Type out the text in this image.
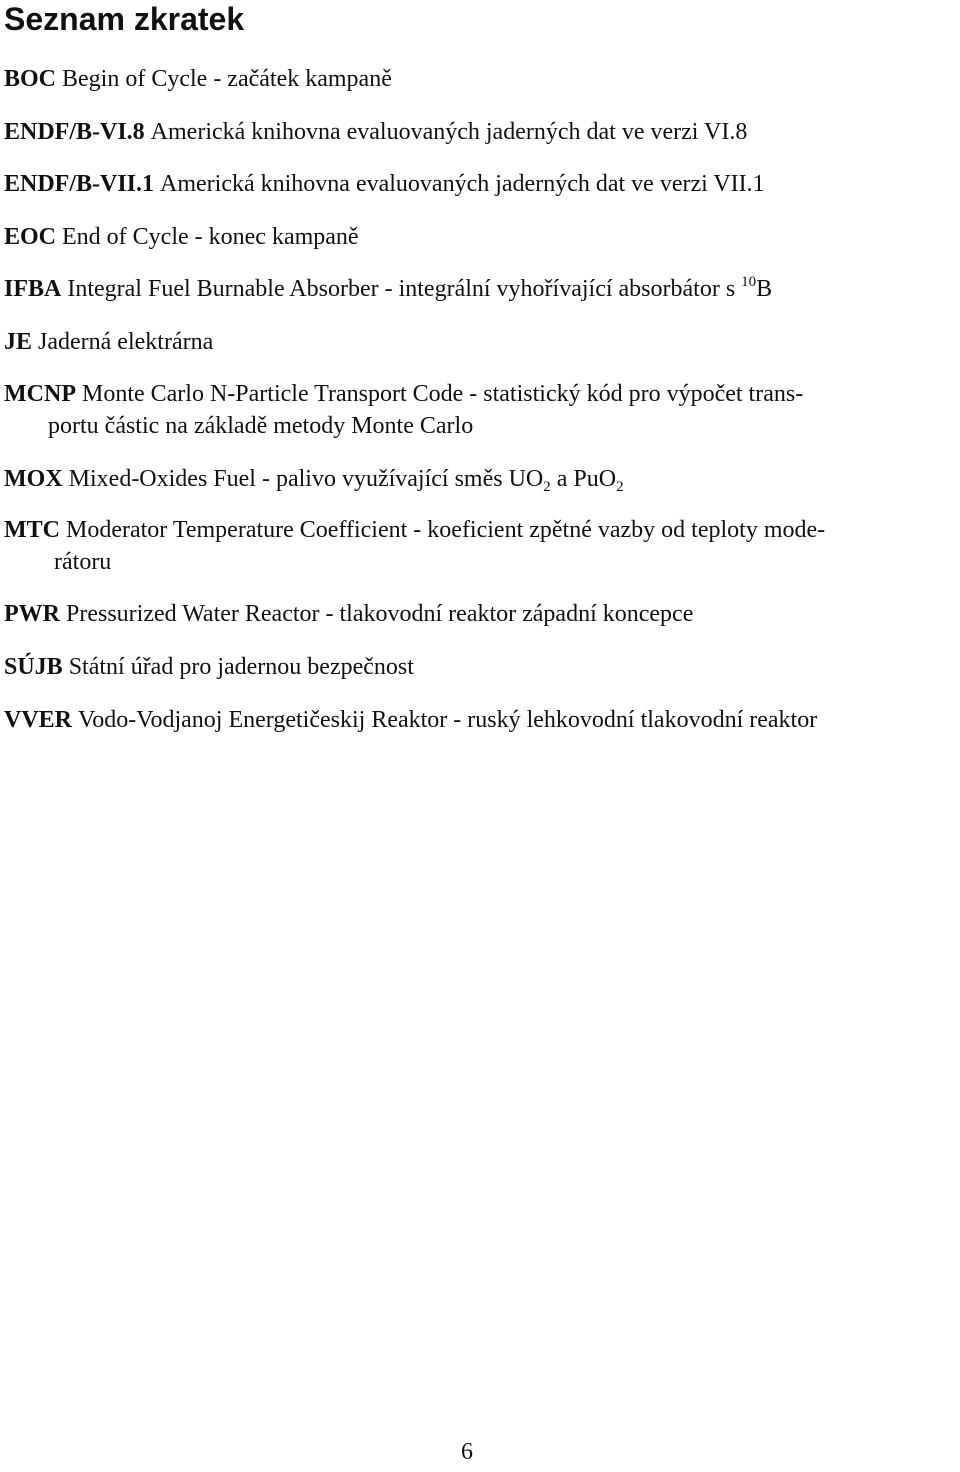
Seznam zkratek
BOC Begin of Cycle - začátek kampaně
ENDF/B-VI.8 Americká knihovna evaluovaných jaderných dat ve verzi VI.8
ENDF/B-VII.1 Americká knihovna evaluovaných jaderných dat ve verzi VII.1
EOC End of Cycle - konec kampaně
IFBA Integral Fuel Burnable Absorber - integrální vyhořívající absorbátor s $^{10}$B
JE Jaderná elektrárna
MCNP Monte Carlo N-Particle Transport Code - statistický kód pro výpočet trans-
portu částic na základě metody Monte Carlo
MOX Mixed-Oxides Fuel - palivo využívající směs $UO_2$ a PuO$_2$
MTC Moderator Temperature Coefficient - koeficient zpětné vazby od teploty mode-
rátoru
PWR Pressurized Water Reactor - tlakovodní reaktor západní koncepce
SÚJB Státní úřad pro jadernou bezpečnost
VVER Vodo-Vodjanoj Energetičeskij Reaktor - ruský lehkovodní tlakovodní reaktor
6
